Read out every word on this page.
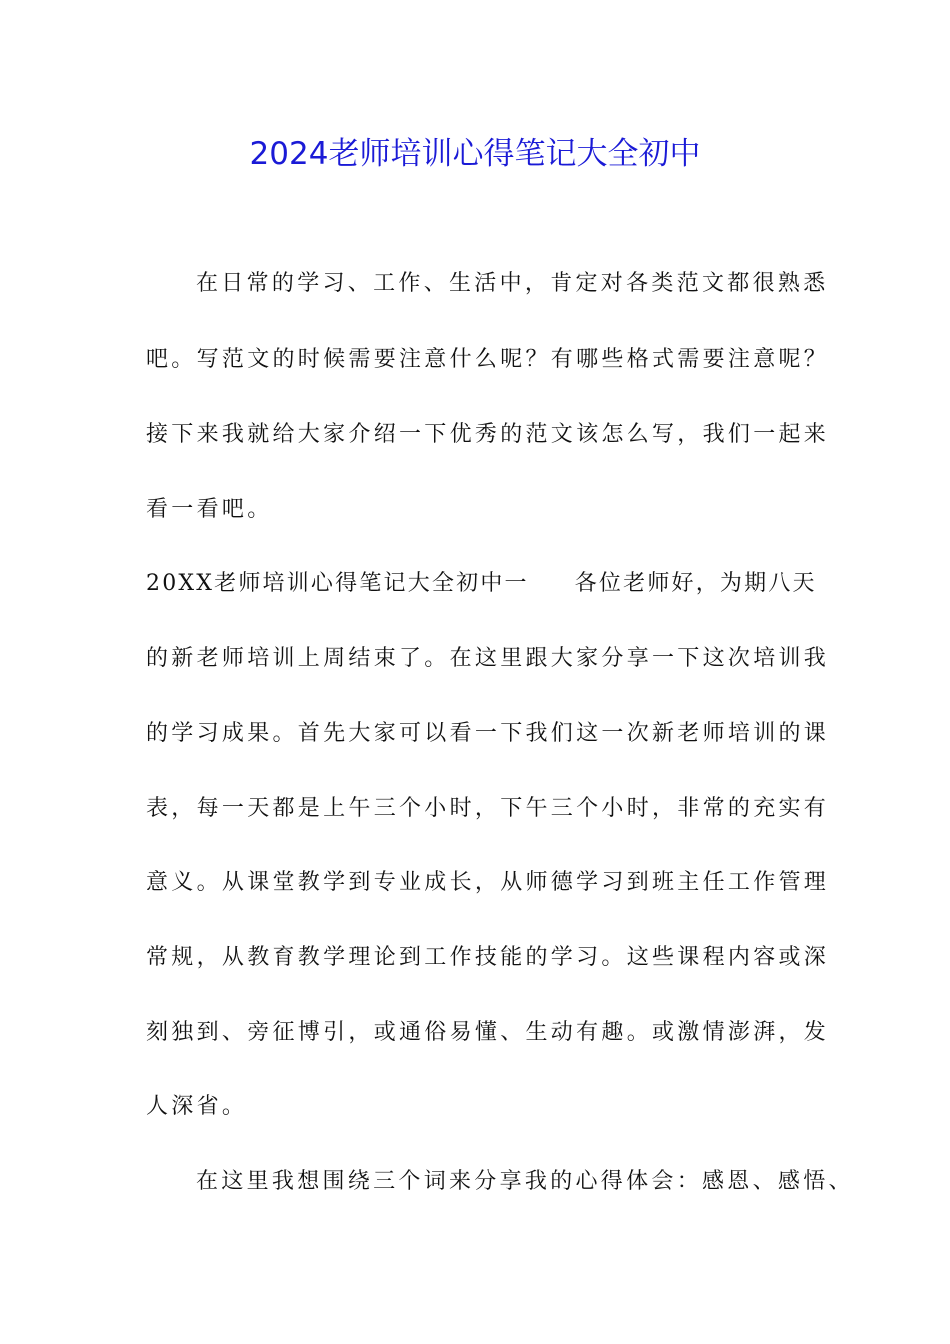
2024老师培训心得笔记大全初中
在日常的学习、工作、生活中，肯定对各类范文都很熟悉
吧。写范文的时候需要注意什么呢？有哪些格式需要注意呢？
接下来我就给大家介绍一下优秀的范文该怎么写，我们一起来
看一看吧。
20XX老师培训心得笔记大全初中一 各位老师好，为期八天
的新老师培训上周结束了。在这里跟大家分享一下这次培训我
的学习成果。首先大家可以看一下我们这一次新老师培训的课
表，每一天都是上午三个小时，下午三个小时，非常的充实有
意义。从课堂教学到专业成长，从师德学习到班主任工作管理
常规，从教育教学理论到工作技能的学习。这些课程内容或深
刻独到、旁征博引，或通俗易懂、生动有趣。或激情澎湃，发
人深省。
在这里我想围绕三个词来分享我的心得体会：感恩、感悟、
